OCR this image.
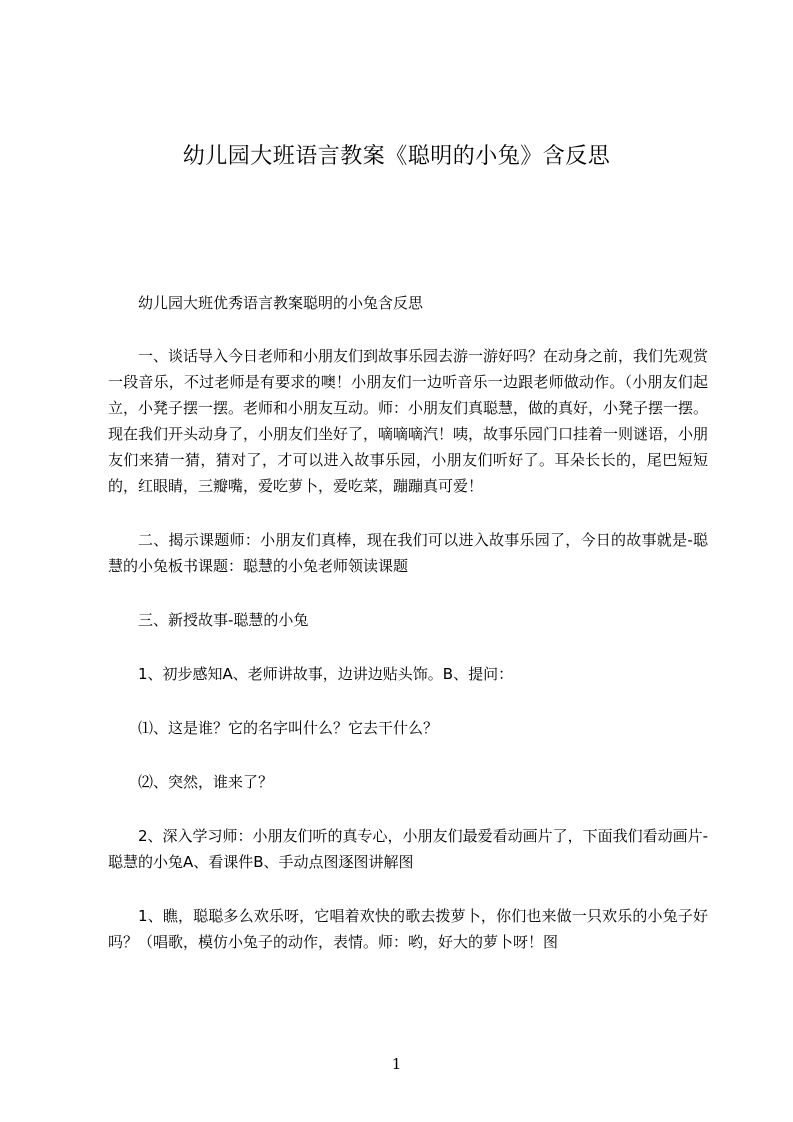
幼儿园大班语言教案《聪明的小兔》含反思

幼儿园大班优秀语言教案聪明的小兔含反思

一、谈话导入今日老师和小朋友们到故事乐园去游一游好吗？在动身之前，我们先观赏一段音乐，不过老师是有要求的噢！小朋友们一边听音乐一边跟老师做动作。（小朋友们起立，小凳子摆一摆。老师和小朋友互动。师：小朋友们真聪慧，做的真好，小凳子摆一摆。现在我们开头动身了，小朋友们坐好了，嘀嘀嘀汽！咦，故事乐园门口挂着一则谜语，小朋友们来猜一猜，猜对了，才可以进入故事乐园，小朋友们听好了。耳朵长长的，尾巴短短的，红眼睛，三瓣嘴，爱吃萝卜，爱吃菜，蹦蹦真可爱！

二、揭示课题师：小朋友们真棒，现在我们可以进入故事乐园了，今日的故事就是-聪慧的小兔板书课题：聪慧的小兔老师领读课题

三、新授故事-聪慧的小兔

1、初步感知A、老师讲故事，边讲边贴头饰。B、提问：

⑴、这是谁？它的名字叫什么？它去干什么？

⑵、突然，谁来了？

2、深入学习师：小朋友们听的真专心，小朋友们最爱看动画片了，下面我们看动画片-聪慧的小兔A、看课件B、手动点图逐图讲解图

1、瞧，聪聪多么欢乐呀，它唱着欢快的歌去拨萝卜，你们也来做一只欢乐的小兔子好吗？（唱歌，模仿小兔子的动作，表情。师：哟，好大的萝卜呀！图

1
